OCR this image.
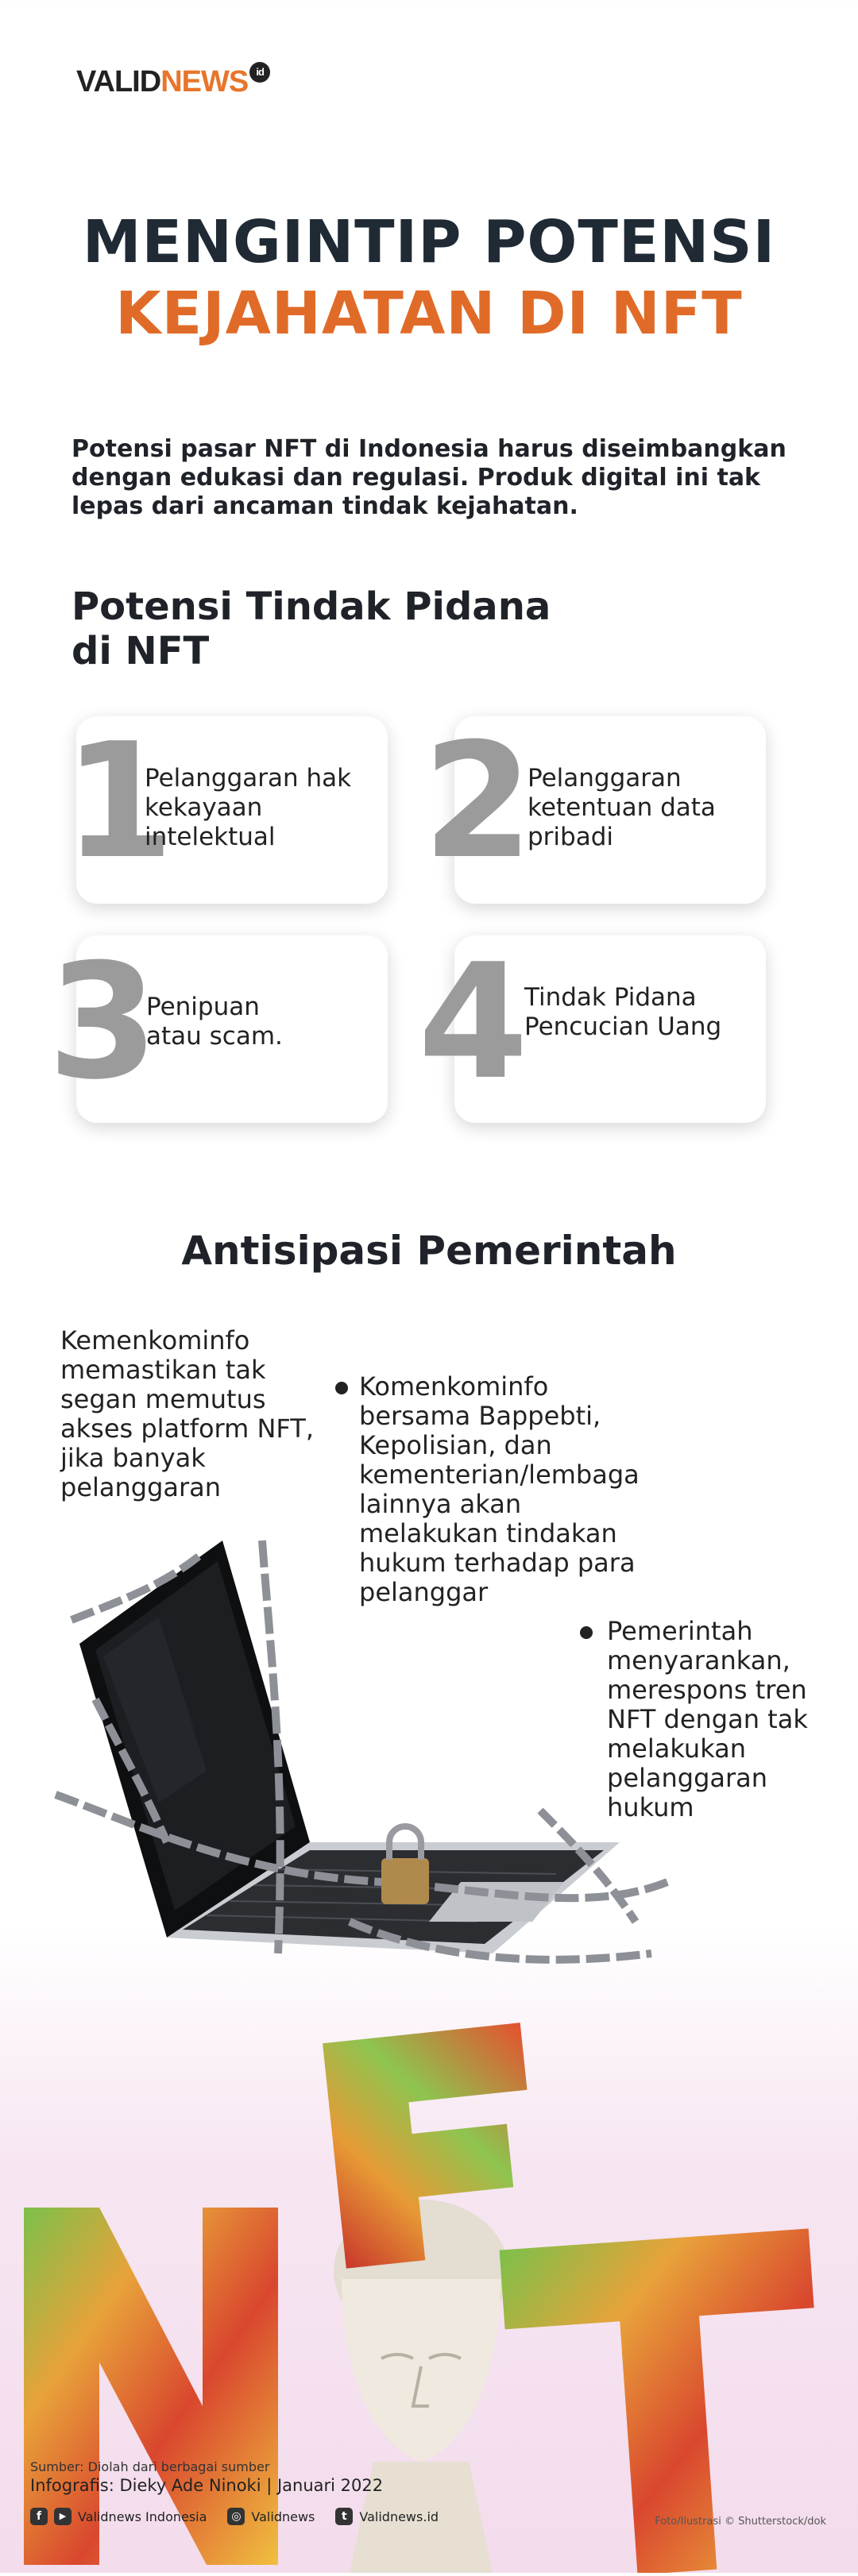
VALIDNEWS id
MENGINTIP POTENSI
KEJAHATAN DI NFT
Potensi pasar NFT di Indonesia harus diseimbangkan dengan edukasi dan regulasi. Produk digital ini tak lepas dari ancaman tindak kejahatan.
Potensi Tindak Pidana di NFT
1
Pelanggaran hak kekayaan intelektual 2
Pelanggaran ketentuan data pribadi
3
Penipuan atau scam. 4
Tindak Pidana Pencucian Uang
Antisipasi Pemerintah
Kemenkominfo memastikan tak segan memutus akses platform NFT, jika banyak pelanggaran
Komenkominfo bersama Bappebti, Kepolisian, dan kementerian/lembaga lainnya akan melakukan tindakan hukum terhadap para pelanggar
Pemerintah menyarankan, merespons tren NFT dengan tak melakukan pelanggaran hukum
Sumber: Diolah dari berbagai sumber
Infografis: Dieky Ade Ninoki | Januari 2022
f	▶ Validnews Indonesia	◎ Validnews	t Validnews.id	Foto/Ilustrasi © Shutterstock/dok
